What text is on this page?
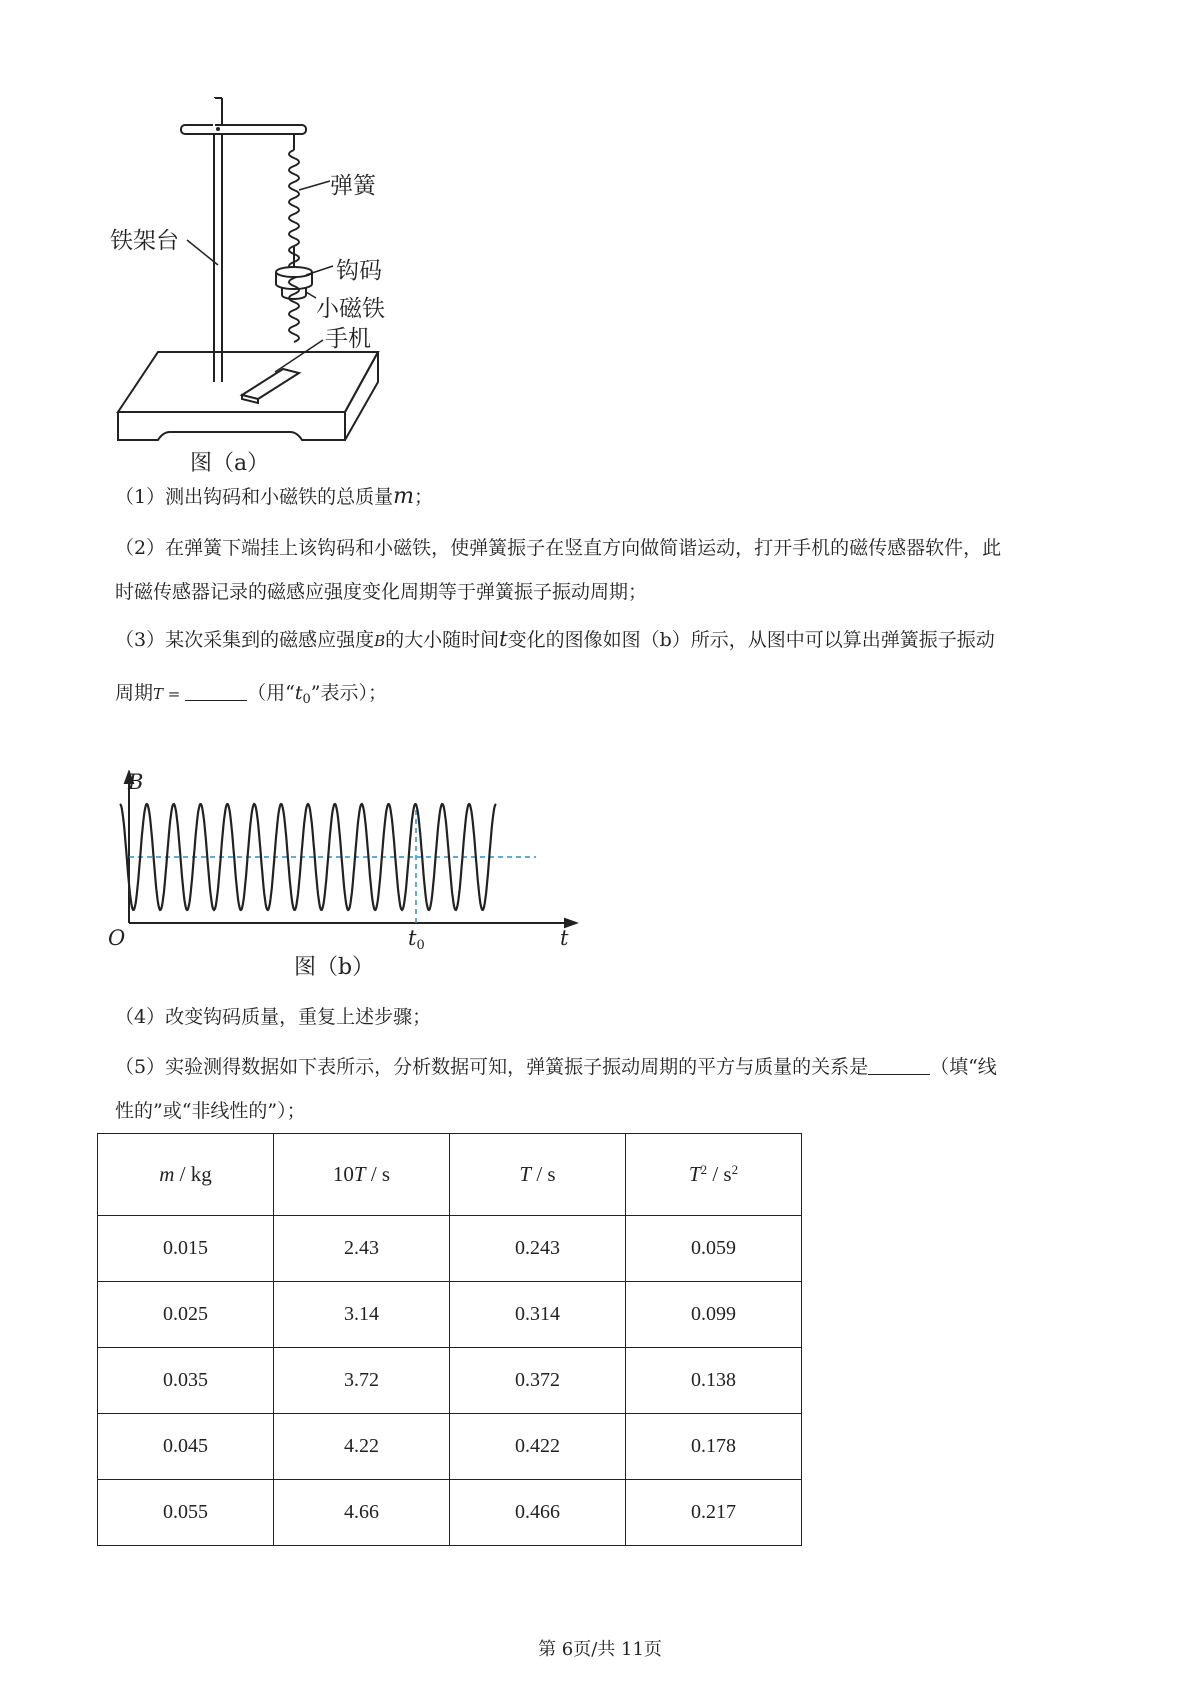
弹簧
铁架台
钩码
小磁铁
手机
图（a）
（1）测出钩码和小磁铁的总质量m；
（2）在弹簧下端挂上该钩码和小磁铁，使弹簧振子在竖直方向做简谐运动，打开手机的磁传感器软件，此
时磁传感器记录的磁感应强度变化周期等于弹簧振子振动周期；
（3）某次采集到的磁感应强度B的大小随时间t变化的图像如图（b）所示，从图中可以算出弹簧振子振动
周期T =	（用“$t_0$”表示）；
B
O	$t_0$	t
图（b）
（4）改变钩码质量，重复上述步骤；
（5）实验测得数据如下表所示，分析数据可知，弹簧振子振动周期的平方与质量的关系是	（填“线
性的”或“非线性的”）；
m / kg	10T / s	T / s	$T^2 / s^2$
0.015	2.43	0.243	0.059
0.025	3.14	0.314	0.099
0.035	3.72	0.372	0.138
0.045	4.22	0.422	0.178
0.055	4.66	0.466	0.217
第 6页/共 11页
